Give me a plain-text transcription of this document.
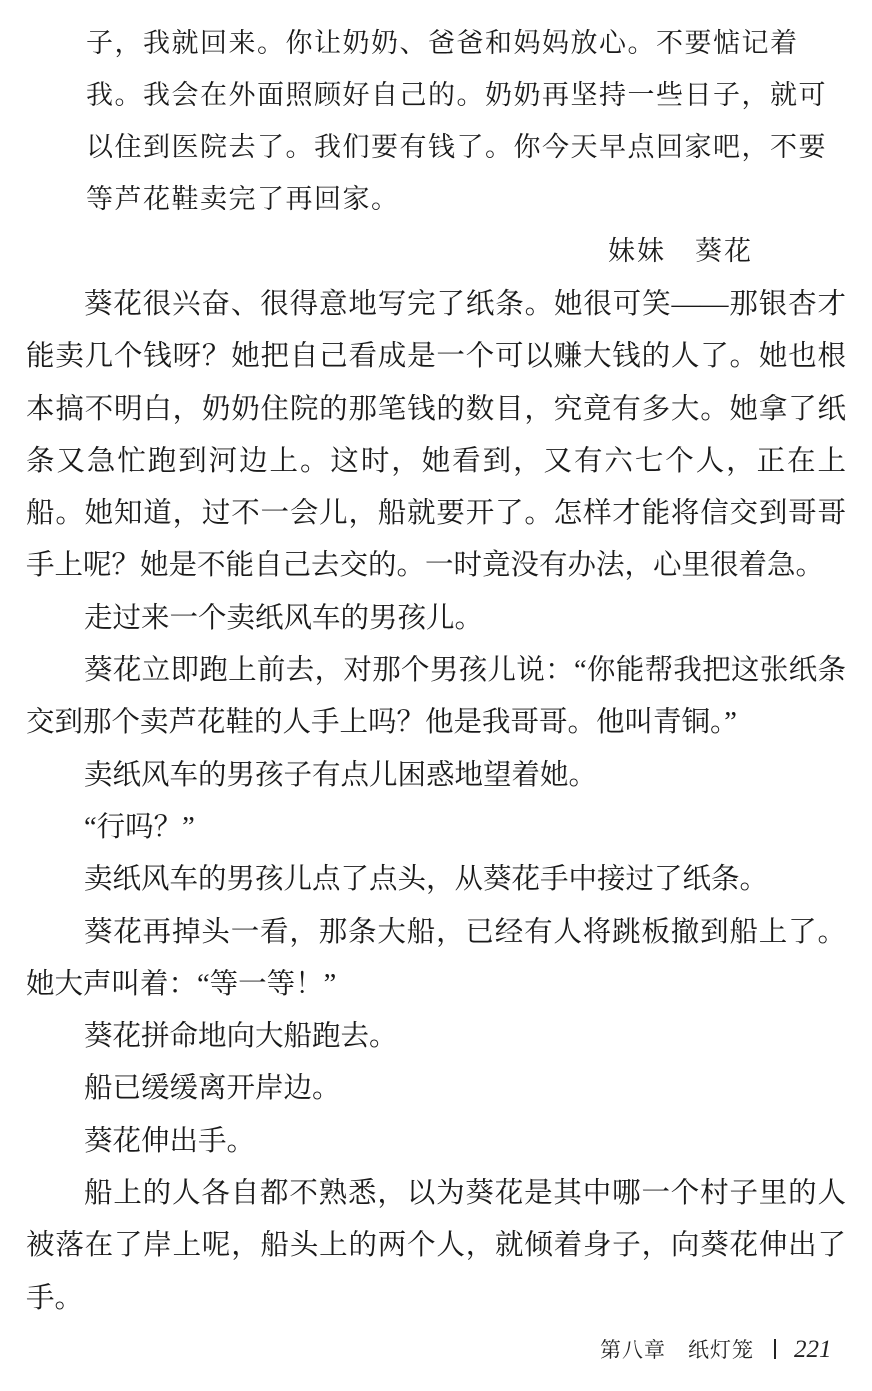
子，我就回来。你让奶奶、爸爸和妈妈放心。不要惦记着我。我会在外面照顾好自己的。奶奶再坚持一些日子，就可以住到医院去了。我们要有钱了。你今天早点回家吧，不要等芦花鞋卖完了再回家。

妹妹　葵花

葵花很兴奋、很得意地写完了纸条。她很可笑——那银杏才能卖几个钱呀？她把自己看成是一个可以赚大钱的人了。她也根本搞不明白，奶奶住院的那笔钱的数目，究竟有多大。她拿了纸条又急忙跑到河边上。这时，她看到，又有六七个人，正在上船。她知道，过不一会儿，船就要开了。怎样才能将信交到哥哥手上呢？她是不能自己去交的。一时竟没有办法，心里很着急。

走过来一个卖纸风车的男孩儿。

葵花立即跑上前去，对那个男孩儿说：“你能帮我把这张纸条交到那个卖芦花鞋的人手上吗？他是我哥哥。他叫青铜。”

卖纸风车的男孩子有点儿困惑地望着她。

“行吗？”

卖纸风车的男孩儿点了点头，从葵花手中接过了纸条。

葵花再掉头一看，那条大船，已经有人将跳板撤到船上了。她大声叫着：“等一等！”

葵花拼命地向大船跑去。

船已缓缓离开岸边。

葵花伸出手。

船上的人各自都不熟悉，以为葵花是其中哪一个村子里的人被落在了岸上呢，船头上的两个人，就倾着身子，向葵花伸出了手。

第八章　纸灯笼 221
